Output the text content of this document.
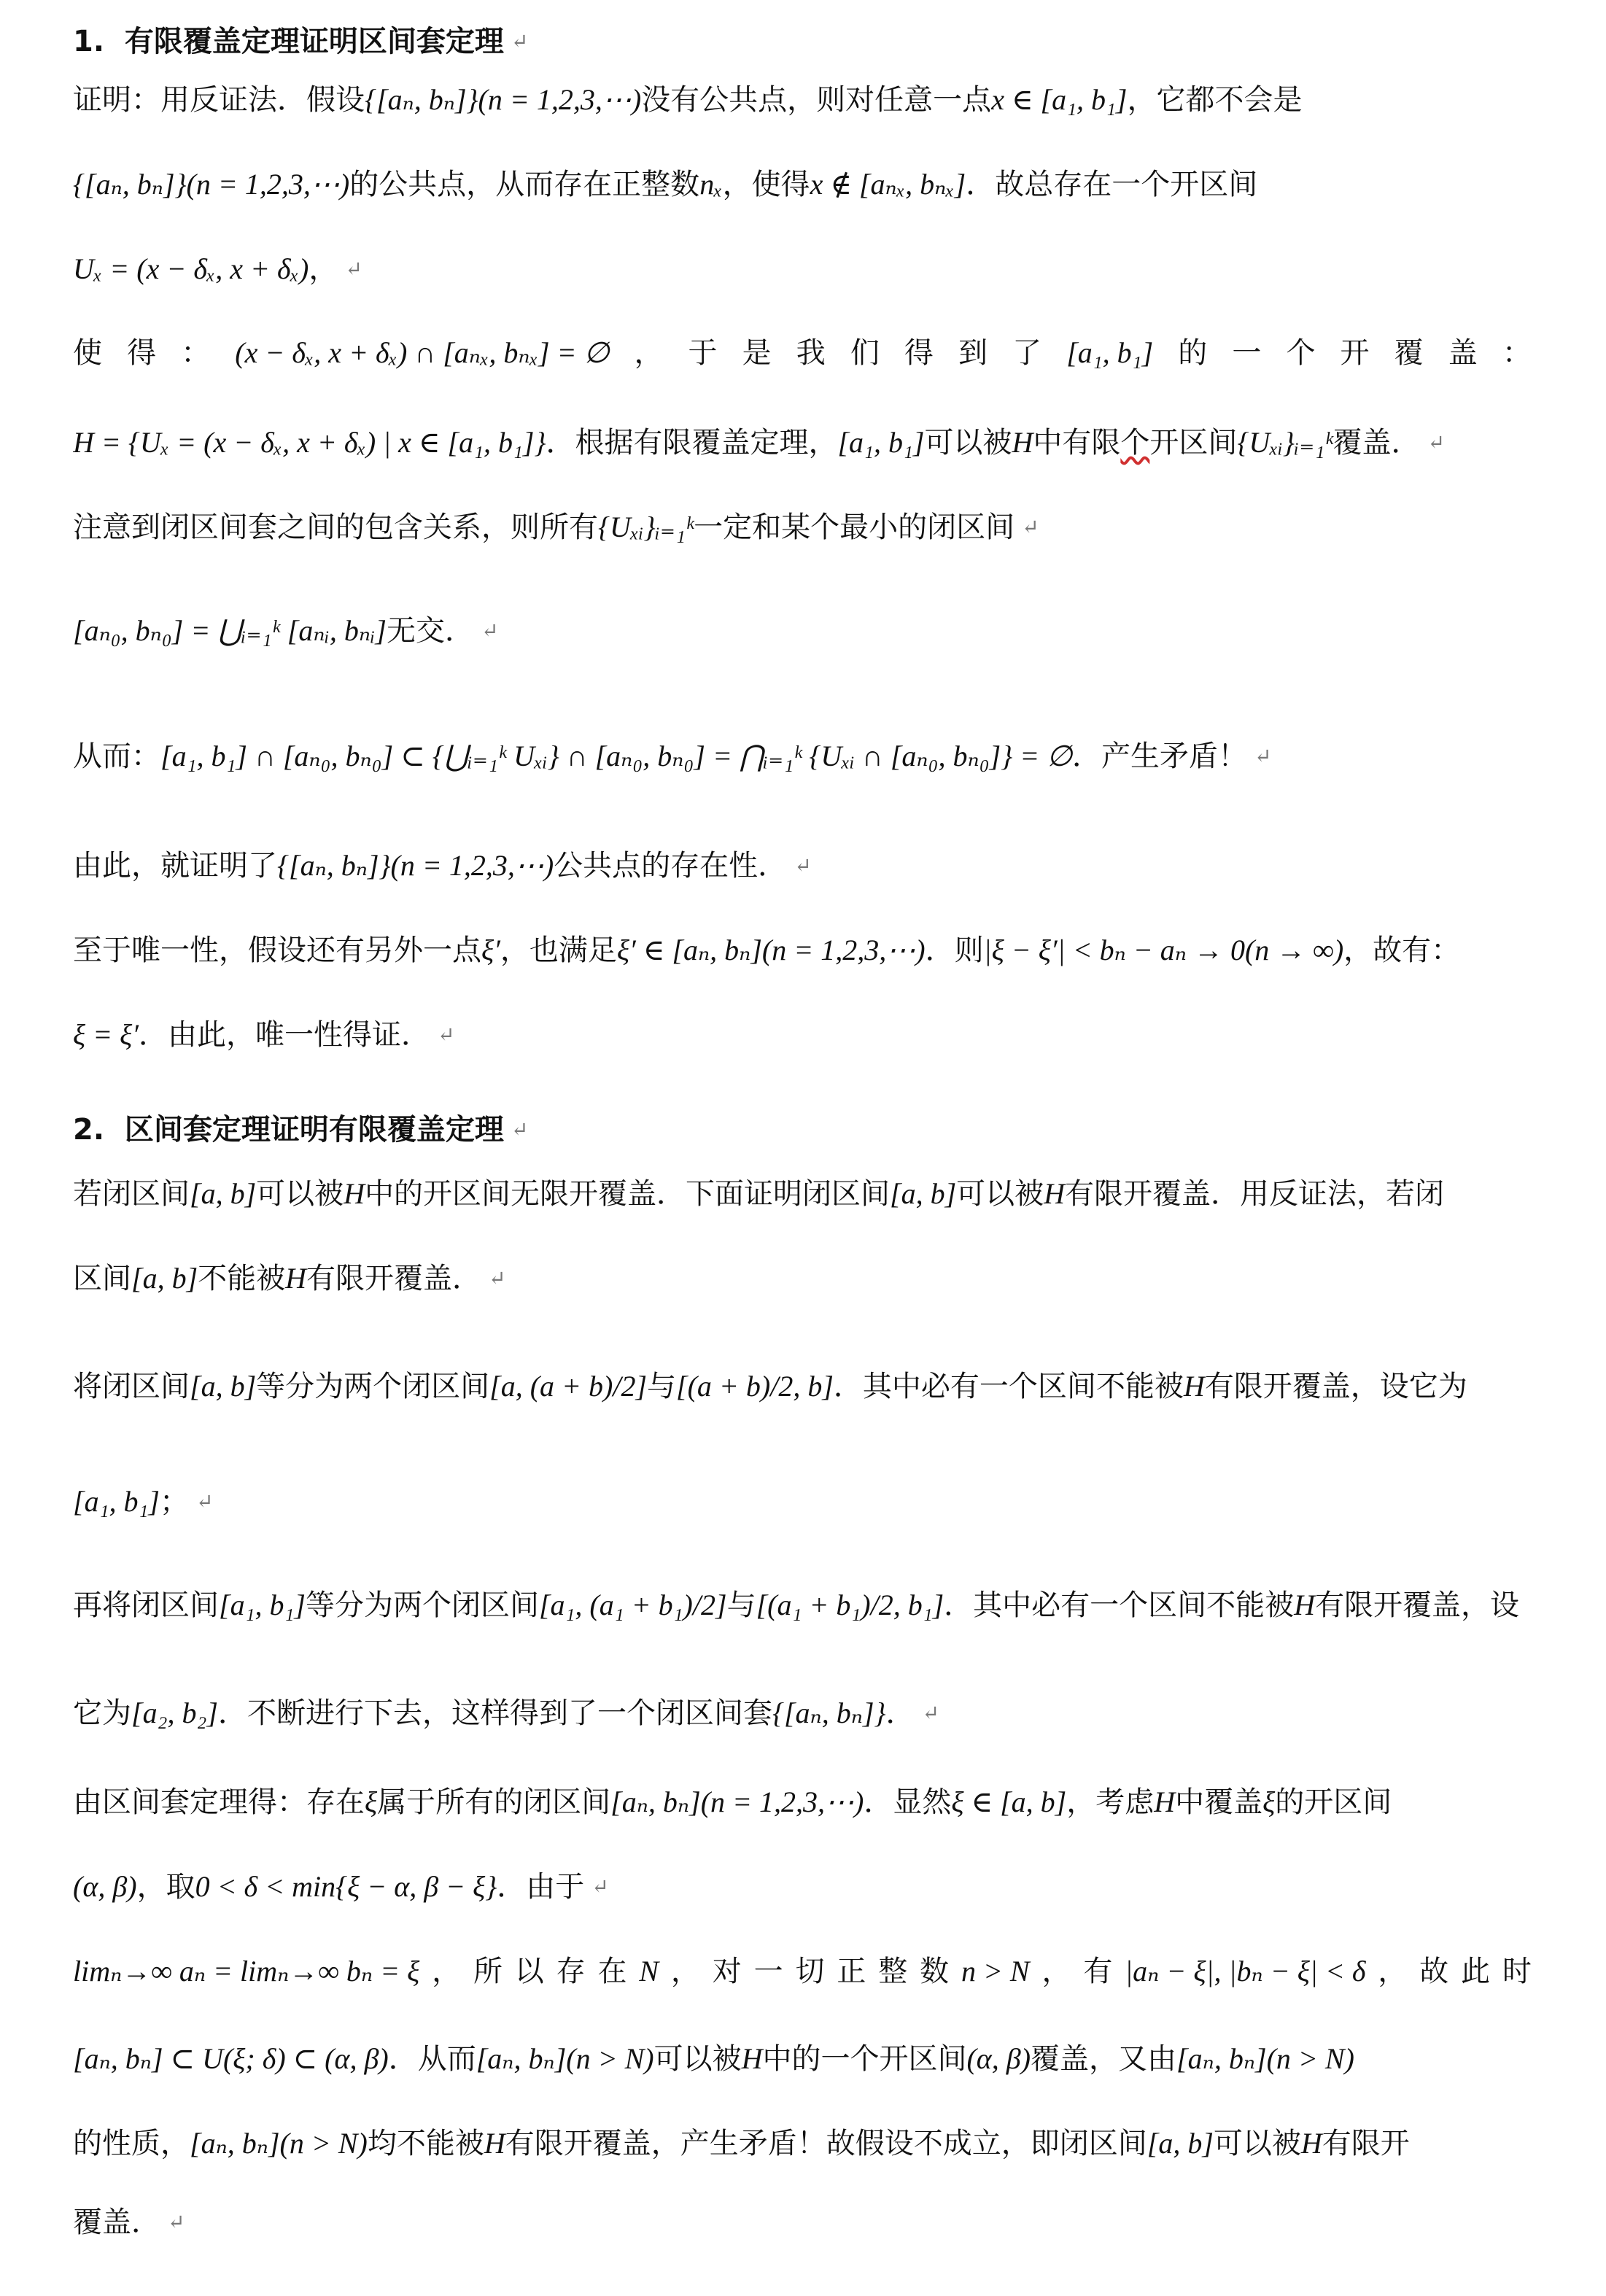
1.  有限覆盖定理证明区间套定理 ↵
证明：用反证法．假设 {[aₙ, bₙ]}(n = 1,2,3,⋯) 没有公共点，则对任意一点 x ∈ [a₁, b₁] ，它都不会是
{[aₙ, bₙ]}(n = 1,2,3,⋯) 的公共点，从而存在正整数 nₓ ，使得 x ∉ [aₙₓ, bₙₓ] ．故总存在一个开区间
Uₓ = (x − δₓ, x + δₓ) ， ↵
使 得 ： (x − δₓ, x + δₓ) ∩ [aₙₓ, bₙₓ] = ∅ ， 于 是 我 们 得 到 了 [a₁, b₁] 的 一 个 开 覆 盖 ：
H = {Uₓ = (x − δₓ, x + δₓ) | x ∈ [a₁, b₁]} ．根据有限覆盖定理， [a₁, b₁] 可以被 H 中有限 个 开区间 {Uₓᵢ}ᵢ₌₁ᵏ 覆盖． ↵
注意到闭区间套之间的包含关系，则所有 {Uₓᵢ}ᵢ₌₁ᵏ 一定和某个最小的闭区间 ↵
[aₙ₀, bₙ₀] = ⋃ᵢ₌₁ᵏ [aₙᵢ, bₙᵢ] 无交． ↵
从而： [a₁, b₁] ∩ [aₙ₀, bₙ₀] ⊂ {⋃ᵢ₌₁ᵏ Uₓᵢ} ∩ [aₙ₀, bₙ₀] = ⋂ᵢ₌₁ᵏ {Uₓᵢ ∩ [aₙ₀, bₙ₀]} = ∅ ．产生矛盾！ ↵
由此，就证明了 {[aₙ, bₙ]}(n = 1,2,3,⋯) 公共点的存在性． ↵
至于唯一性，假设还有另外一点 ξ′ ，也满足 ξ′ ∈ [aₙ, bₙ](n = 1,2,3,⋯) ．则 |ξ − ξ′| < bₙ − aₙ → 0(n → ∞) ，故有：
ξ = ξ′ ．由此，唯一性得证． ↵
2.  区间套定理证明有限覆盖定理 ↵
若闭区间 [a, b] 可以被 H 中的开区间无限开覆盖．下面证明闭区间 [a, b] 可以被 H 有限开覆盖．用反证法，若闭
区间 [a, b] 不能被 H 有限开覆盖． ↵
将闭区间 [a, b] 等分为两个闭区间 [a, (a + b)/2] 与 [(a + b)/2, b] ．其中必有一个区间不能被 H 有限开覆盖，设它为
[a₁, b₁] ； ↵
再将闭区间 [a₁, b₁] 等分为两个闭区间 [a₁, (a₁ + b₁)/2] 与 [(a₁ + b₁)/2, b₁] ．其中必有一个区间不能被 H 有限开覆盖，设
它为 [a₂, b₂] ．不断进行下去，这样得到了一个闭区间套 {[aₙ, bₙ]} ． ↵
由区间套定理得：存在 ξ 属于所有的闭区间 [aₙ, bₙ](n = 1,2,3,⋯) ．显然 ξ ∈ [a, b] ，考虑 H 中覆盖 ξ 的开区间
(α, β) ，取 0 < δ < min{ξ − α, β − ξ} ．由于 ↵
limₙ→∞ aₙ = limₙ→∞ bₙ = ξ ， 所 以 存 在 N ， 对 一 切 正 整 数 n > N ， 有 |aₙ − ξ|, |bₙ − ξ| < δ ， 故 此 时
[aₙ, bₙ] ⊂ U(ξ; δ) ⊂ (α, β) ．从而 [aₙ, bₙ](n > N) 可以被 H 中的一个开区间 (α, β) 覆盖，又由 [aₙ, bₙ](n > N)
的性质， [aₙ, bₙ](n > N) 均不能被 H 有限开覆盖，产生矛盾！故假设不成立，即闭区间 [a, b] 可以被 H 有限开
覆盖． ↵
